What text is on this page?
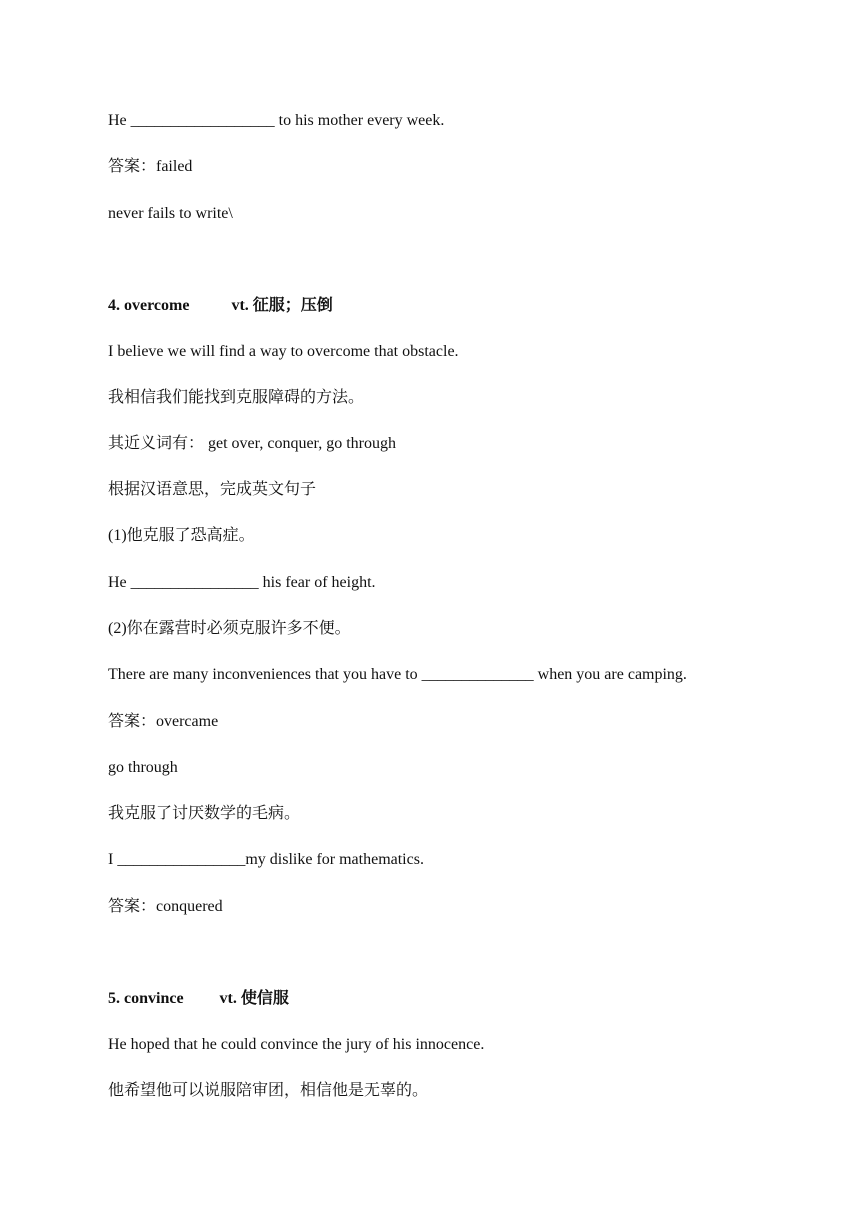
He __________________ to his mother every week.
答案：failed
never fails to write\
4. overcome	vt. 征服；压倒
I believe we will find a way to overcome that obstacle.
我相信我们能找到克服障碍的方法。
其近义词有： get over, conquer, go through
根据汉语意思，完成英文句子
(1)他克服了恐高症。
He ________________ his fear of height.
(2)你在露营时必须克服许多不便。
There are many inconveniences that you have to ______________ when you are camping.
答案：overcame
go through
我克服了讨厌数学的毛病。
I ________________my dislike for mathematics.
答案：conquered
5. convince vt. 使信服
He hoped that he could convince the jury of his innocence.
他希望他可以说服陪审团，相信他是无辜的。
